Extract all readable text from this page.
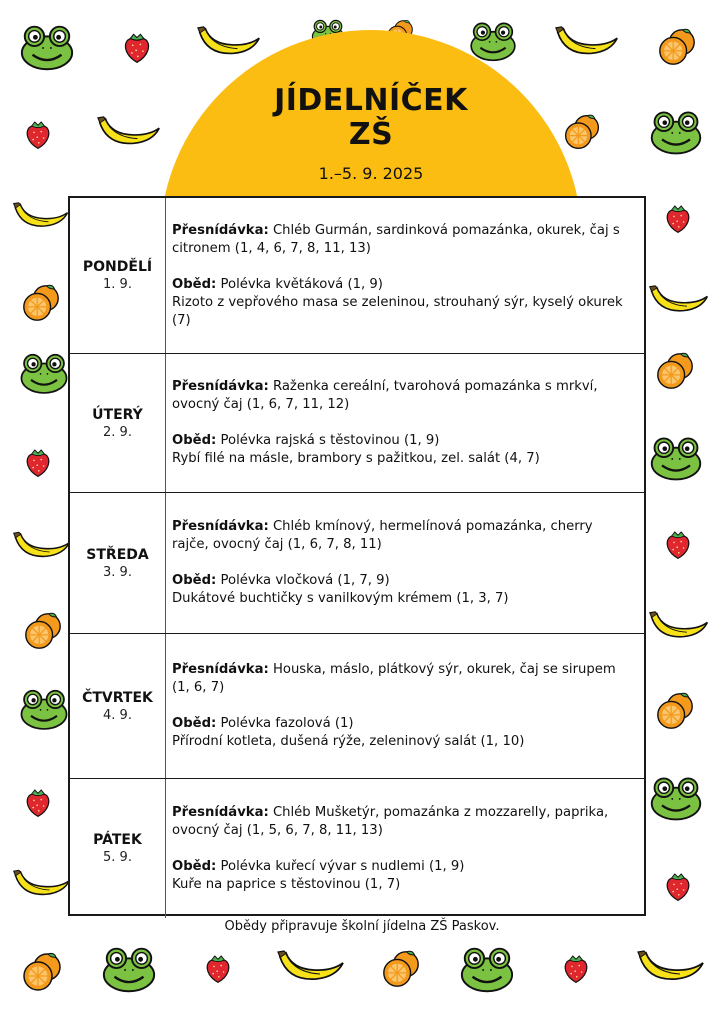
JÍDELNÍČEK
ZŠ
1.–5. 9. 2025
PONDĚLÍ
1. 9.

Přesnídávka: Chléb Gurmán, sardinková pomazánka, okurek, čaj s citronem (1, 4, 6, 7, 8, 11, 13)

Oběd: Polévka květáková (1, 9)

Rizoto z vepřového masa se zeleninou, strouhaný sýr, kyselý okurek (7)

ÚTERÝ
2. 9.

Přesnídávka: Raženka cereální, tvarohová pomazánka s mrkví, ovocný čaj (1, 6, 7, 11, 12)

Oběd: Polévka rajská s těstovinou (1, 9)

Rybí filé na másle, brambory s pažitkou, zel. salát (4, 7)

STŘEDA
3. 9.

Přesnídávka: Chléb kmínový, hermelínová pomazánka, cherry rajče, ovocný čaj (1, 6, 7, 8, 11)

Oběd: Polévka vločková (1, 7, 9)

Dukátové buchtičky s vanilkovým krémem (1, 3, 7)

ČTVRTEK
4. 9.

Přesnídávka: Houska, máslo, plátkový sýr, okurek, čaj se sirupem (1, 6, 7)

Oběd: Polévka fazolová (1)

Přírodní kotleta, dušená rýže, zeleninový salát (1, 10)

PÁTEK
5. 9.

Přesnídávka: Chléb Mušketýr, pomazánka z mozzarelly, paprika, ovocný čaj (1, 5, 6, 7, 8, 11, 13)

Oběd: Polévka kuřecí vývar s nudlemi (1, 9)

Kuře na paprice s těstovinou (1, 7)

Obědy připravuje školní jídelna ZŠ Paskov.
